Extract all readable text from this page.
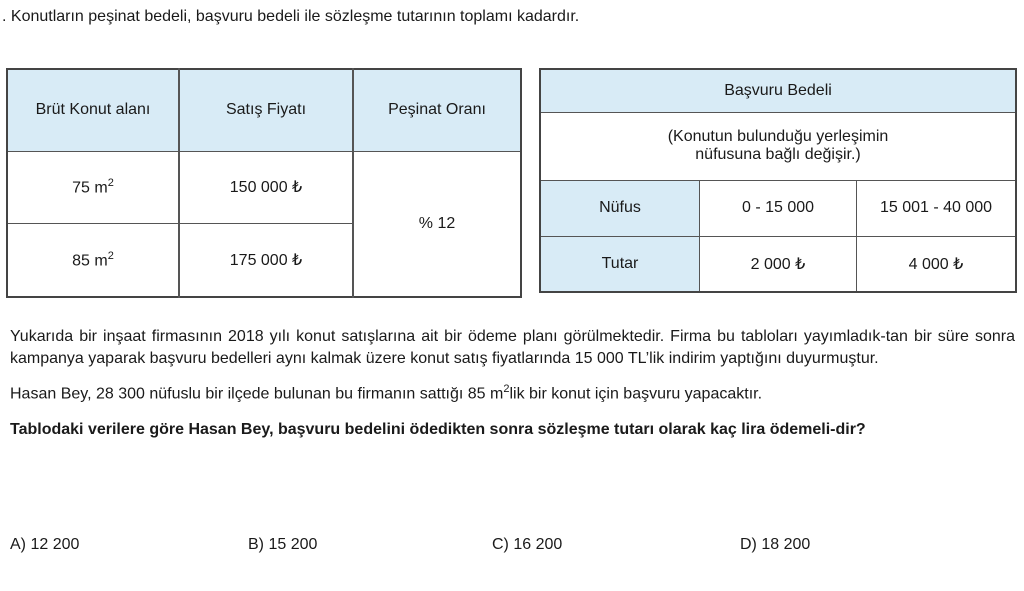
. Konutların peşinat bedeli, başvuru bedeli ile sözleşme tutarının toplamı kadardır.
Brüt Konut alanı	Satış Fiyatı	Peşinat Oranı
75 $m^2$	150 000 ₺	% 12
85 $m^2$	175 000 ₺	
Başvuru Bedeli		

(Konutun bulunduğu yerleşimin
nüfusuna bağlı değişir.)		

Nüfus	0 - 15 000	15 001 - 40 000
Tutar	2 000 ₺	4 000 ₺

Yukarıda bir inşaat firmasının 2018 yılı konut satışlarına ait bir ödeme planı görülmektedir. Firma bu tabloları yayımladık-tan bir süre sonra kampanya yaparak başvuru bedelleri aynı kalmak üzere konut satış fiyatlarında 15 000 TL’lik indirim yaptığını duyurmuştur.

Hasan Bey, 28 300 nüfuslu bir ilçede bulunan bu firmanın sattığı 85 $m^2lik$ bir konut için başvuru yapacaktır.

Tablodaki verilere göre Hasan Bey, başvuru bedelini ödedikten sonra sözleşme tutarı olarak kaç lira ödemeli-dir?

A) 12 200	B) 15 200	C) 16 200	D) 18 200
